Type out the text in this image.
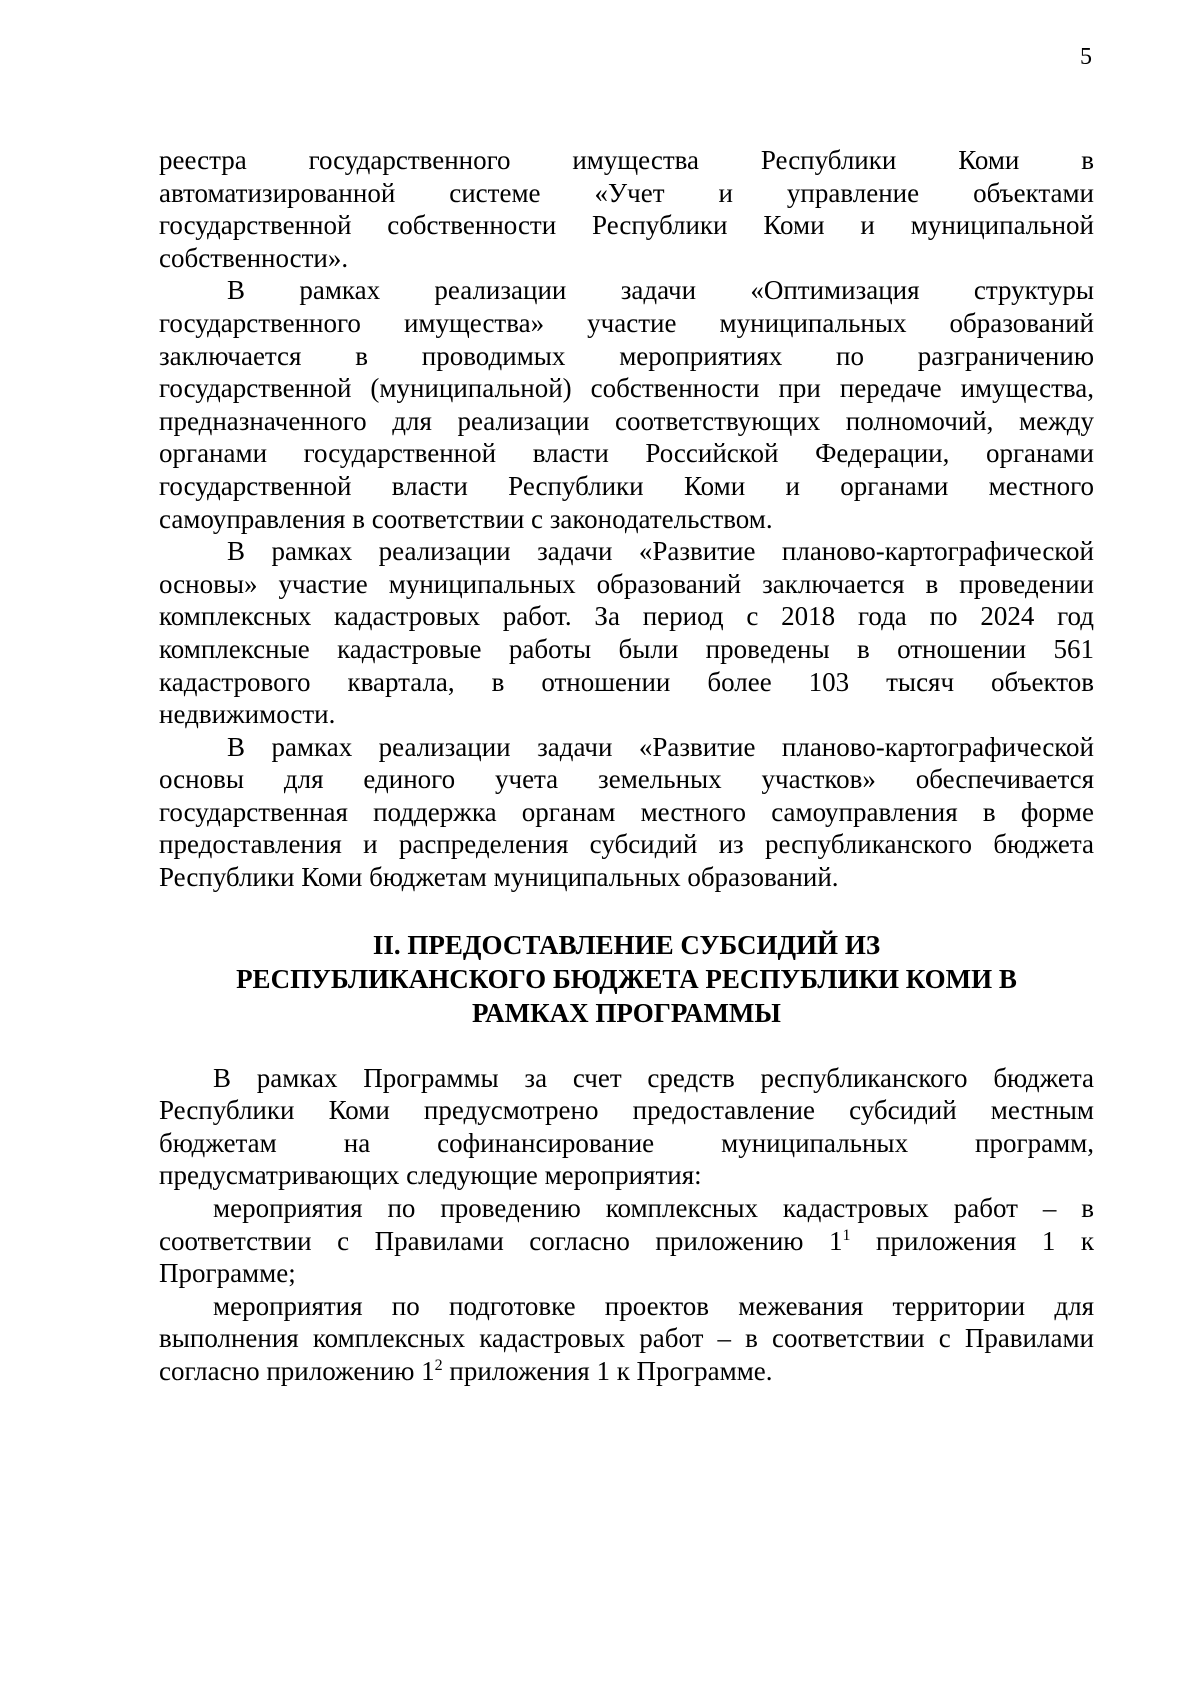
5
реестра государственного имущества Республики Коми в
автоматизированной системе «Учет и управление объектами
государственной собственности Республики Коми и муниципальной
собственности».
В рамках реализации задачи «Оптимизация структуры
государственного имущества» участие муниципальных образований
заключается в проводимых мероприятиях по разграничению
государственной (муниципальной) собственности при передаче имущества,
предназначенного для реализации соответствующих полномочий, между
органами государственной власти Российской Федерации, органами
государственной власти Республики Коми и органами местного
самоуправления в соответствии с законодательством.
В рамках реализации задачи «Развитие планово-картографической
основы» участие муниципальных образований заключается в проведении
комплексных кадастровых работ. За период с 2018 года по 2024 год
комплексные кадастровые работы были проведены в отношении 561
кадастрового квартала, в отношении более 103 тысяч объектов
недвижимости.
В рамках реализации задачи «Развитие планово-картографической
основы для единого учета земельных участков» обеспечивается
государственная поддержка органам местного самоуправления в форме
предоставления и распределения субсидий из республиканского бюджета
Республики Коми бюджетам муниципальных образований.
II. ПРЕДОСТАВЛЕНИЕ СУБСИДИЙ ИЗ
РЕСПУБЛИКАНСКОГО БЮДЖЕТА РЕСПУБЛИКИ КОМИ В
РАМКАХ ПРОГРАММЫ
В рамках Программы за счет средств республиканского бюджета
Республики Коми предусмотрено предоставление субсидий местным
бюджетам на софинансирование муниципальных программ,
предусматривающих следующие мероприятия:
мероприятия по проведению комплексных кадастровых работ – в
соответствии с Правилами согласно приложению $1^1$ приложения 1 к
Программе;
мероприятия по подготовке проектов межевания территории для
выполнения комплексных кадастровых работ – в соответствии с Правилами
согласно приложению $1^2$ приложения 1 к Программе.
